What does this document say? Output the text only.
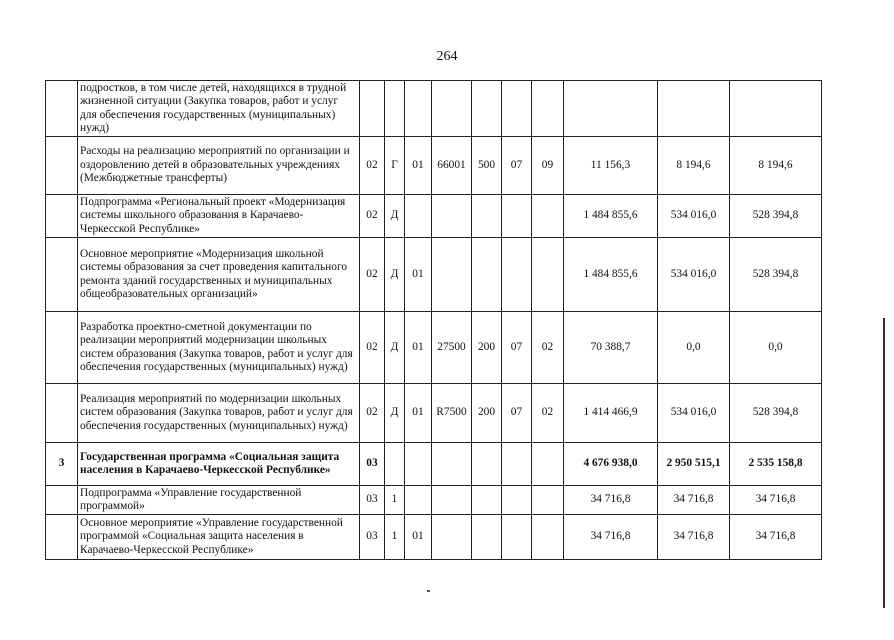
264
	подростков, в том числе детей, находящихся в трудной жизненной ситуации (Закупка товаров, работ и услуг для обеспечения государственных (муниципальных) нужд)										
	Расходы на реализацию мероприятий по организации и оздоровлению детей в образовательных учреждениях (Межбюджетные трансферты)	02	Г	01	66001	500	07	09	11 156,3	8 194,6	8 194,6
	Подпрограмма «Региональный проект «Модернизация системы школьного образования в Карачаево-Черкесской Республике»	02	Д						1 484 855,6	534 016,0	528 394,8
	Основное мероприятие «Модернизация школьной системы образования за счет проведения капитального ремонта зданий государственных и муниципальных общеобразовательных организаций»	02	Д	01					1 484 855,6	534 016,0	528 394,8
	Разработка проектно-сметной документации по реализации мероприятий модернизации школьных систем образования (Закупка товаров, работ и услуг для обеспечения государственных (муниципальных) нужд)	02	Д	01	27500	200	07	02	70 388,7	0,0	0,0
	Реализация мероприятий по модернизации школьных систем образования (Закупка товаров, работ и услуг для обеспечения государственных (муниципальных) нужд)	02	Д	01	R7500	200	07	02	1 414 466,9	534 016,0	528 394,8
3	Государственная программа «Социальная защита населения в Карачаево-Черкесской Республике»	03							4 676 938,0	2 950 515,1	2 535 158,8
	Подпрограмма «Управление государственной программой»	03	1						34 716,8	34 716,8	34 716,8
	Основное мероприятие «Управление государственной программой «Социальная защита населения в Карачаево-Черкесской Республике»	03	1	01					34 716,8	34 716,8	34 716,8
